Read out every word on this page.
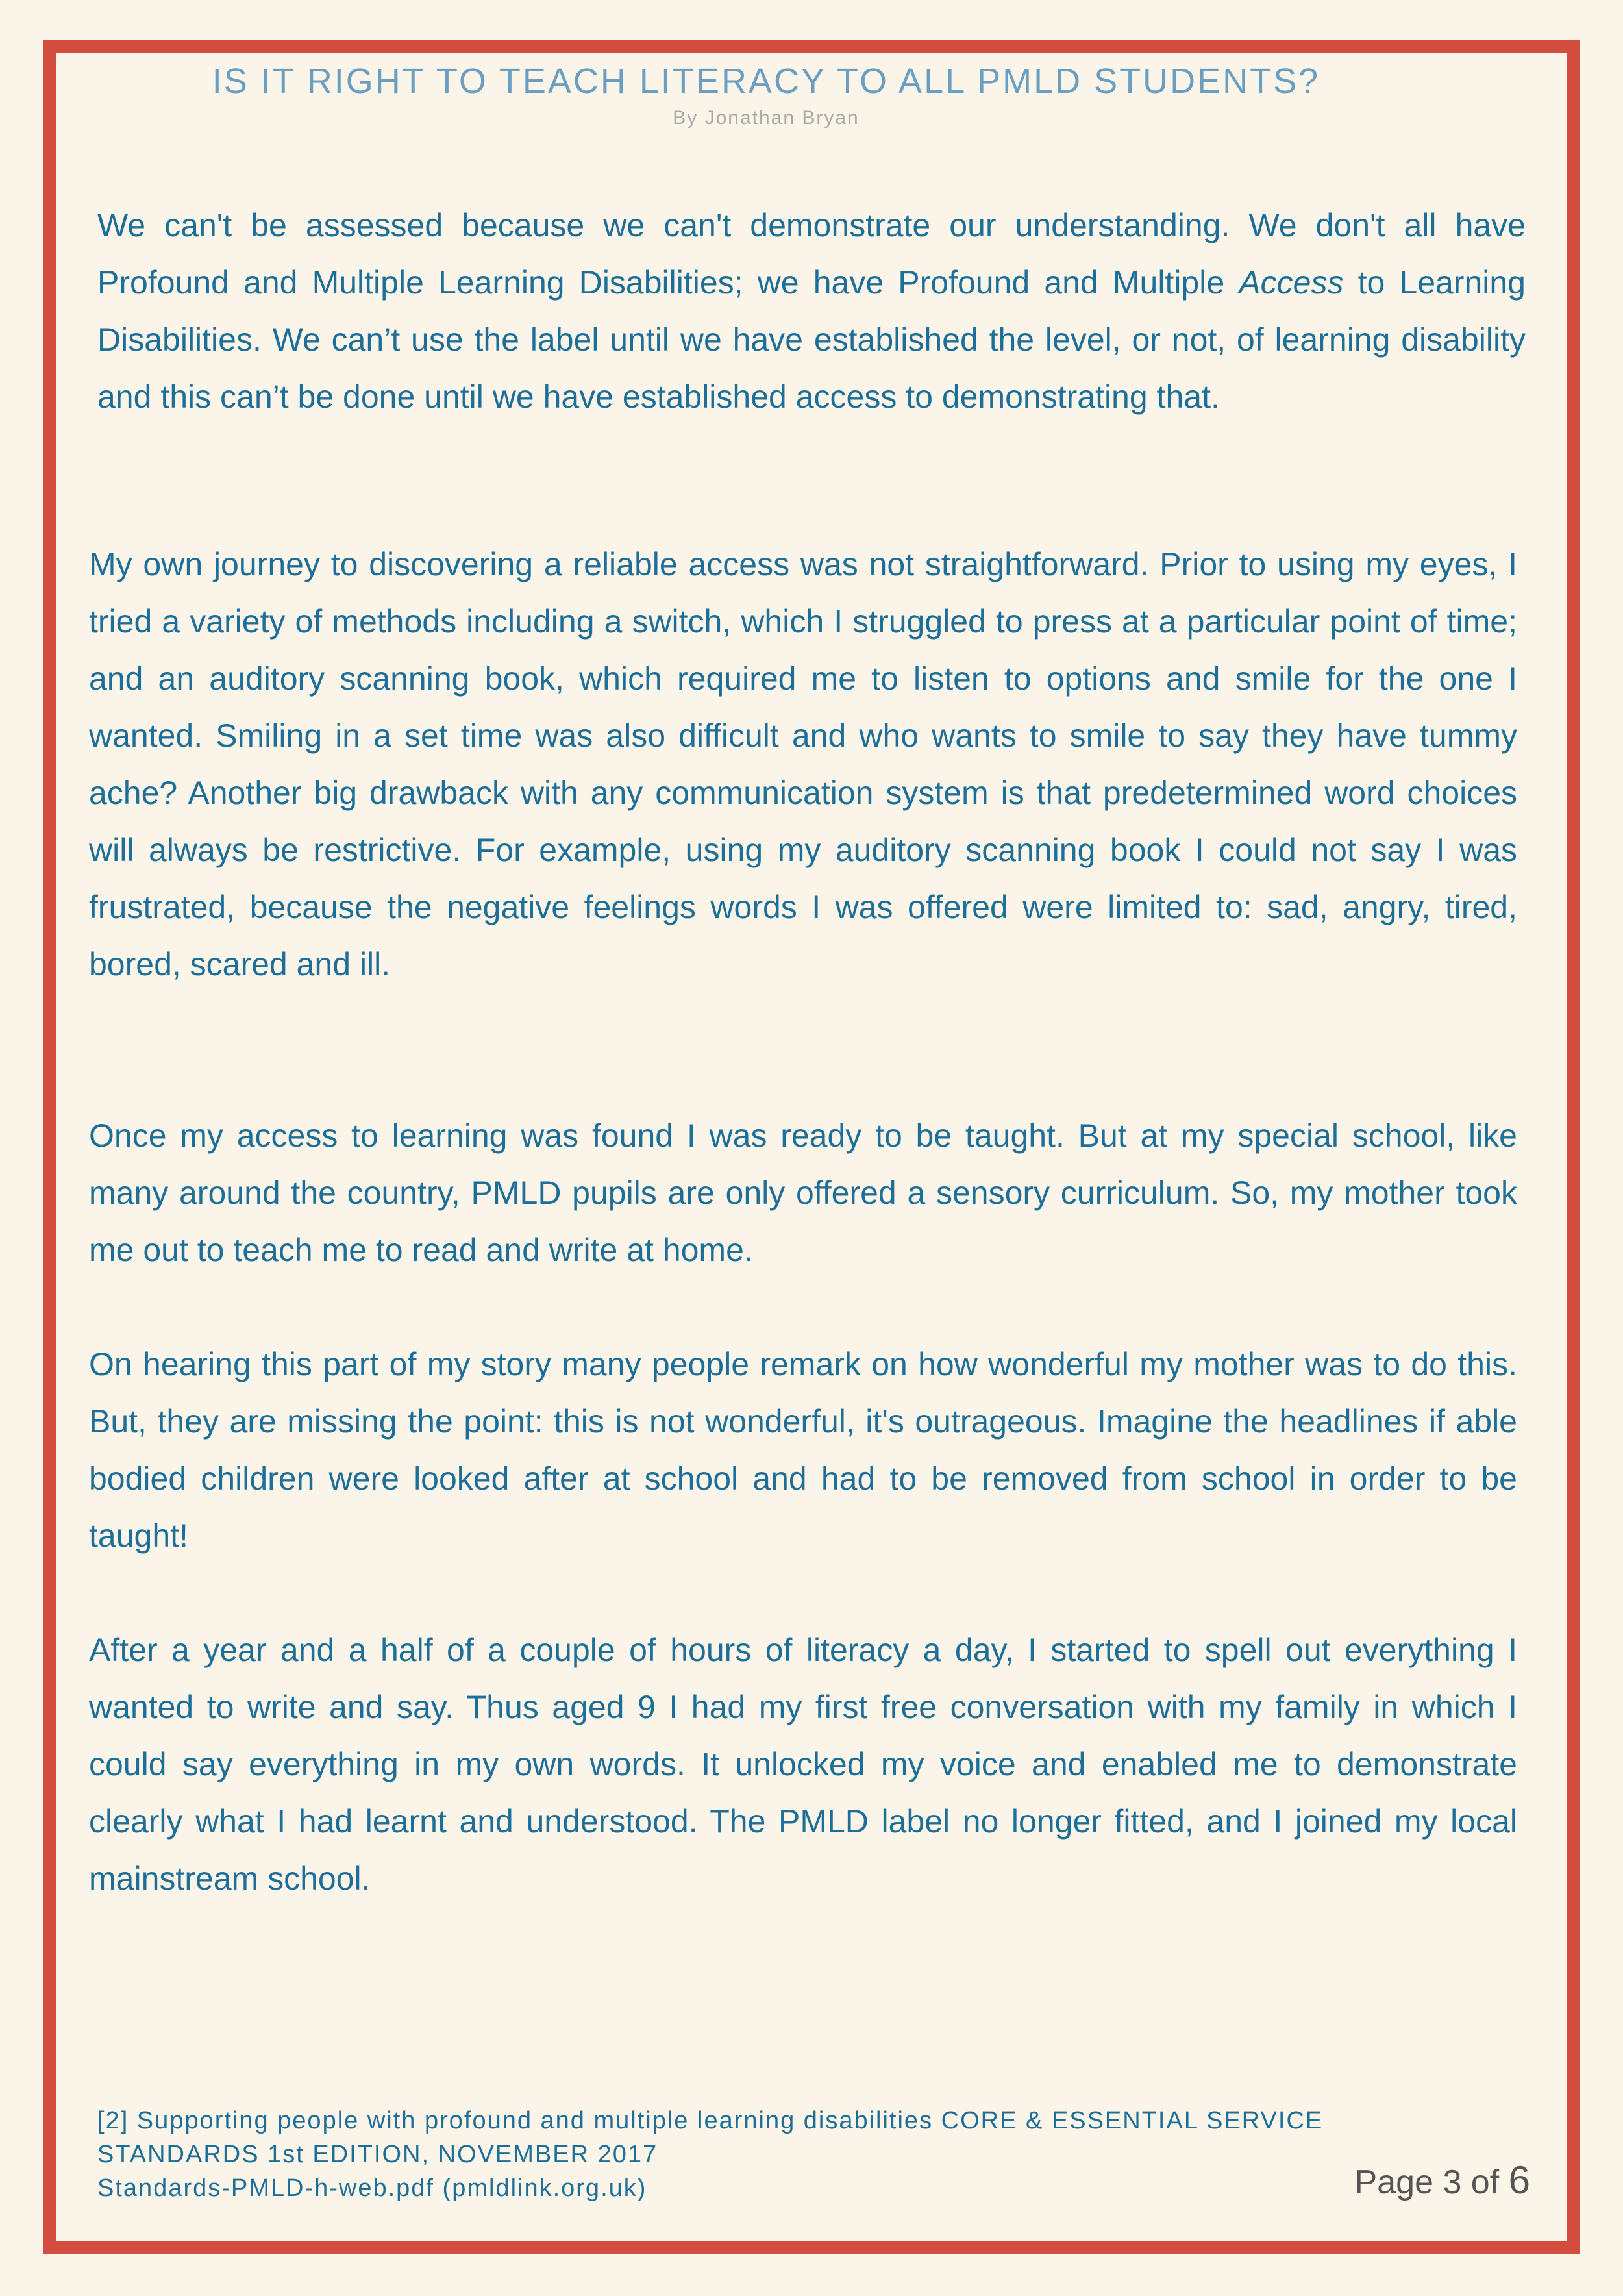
IS IT RIGHT TO TEACH LITERACY TO ALL PMLD STUDENTS?
By Jonathan Bryan

We can't be assessed because we can't demonstrate our understanding. We don't all have Profound and Multiple Learning Disabilities; we have Profound and Multiple Access to Learning Disabilities. We can’t use the label until we have established the level, or not, of learning disability and this can’t be done until we have established access to demonstrating that.

My own journey to discovering a reliable access was not straightforward. Prior to using my eyes, I tried a variety of methods including a switch, which I struggled to press at a particular point of time; and an auditory scanning book, which required me to listen to options and smile for the one I wanted. Smiling in a set time was also difficult and who wants to smile to say they have tummy ache? Another big drawback with any communication system is that predetermined word choices will always be restrictive. For example, using my auditory scanning book I could not say I was frustrated, because the negative feelings words I was offered were limited to: sad, angry, tired, bored, scared and ill.

Once my access to learning was found I was ready to be taught. But at my special school, like many around the country, PMLD pupils are only offered a sensory curriculum. So, my mother took me out to teach me to read and write at home.

On hearing this part of my story many people remark on how wonderful my mother was to do this. But, they are missing the point: this is not wonderful, it's outrageous. Imagine the headlines if able bodied children were looked after at school and had to be removed from school in order to be taught!

After a year and a half of a couple of hours of literacy a day, I started to spell out everything I wanted to write and say. Thus aged 9 I had my first free conversation with my family in which I could say everything in my own words. It unlocked my voice and enabled me to demonstrate clearly what I had learnt and understood. The PMLD label no longer fitted, and I joined my local mainstream school.

[2] Supporting people with profound and multiple learning disabilities CORE & ESSENTIAL SERVICE
STANDARDS 1st EDITION, NOVEMBER 2017
Standards-PMLD-h-web.pdf (pmldlink.org.uk)	Page 3 of 6
